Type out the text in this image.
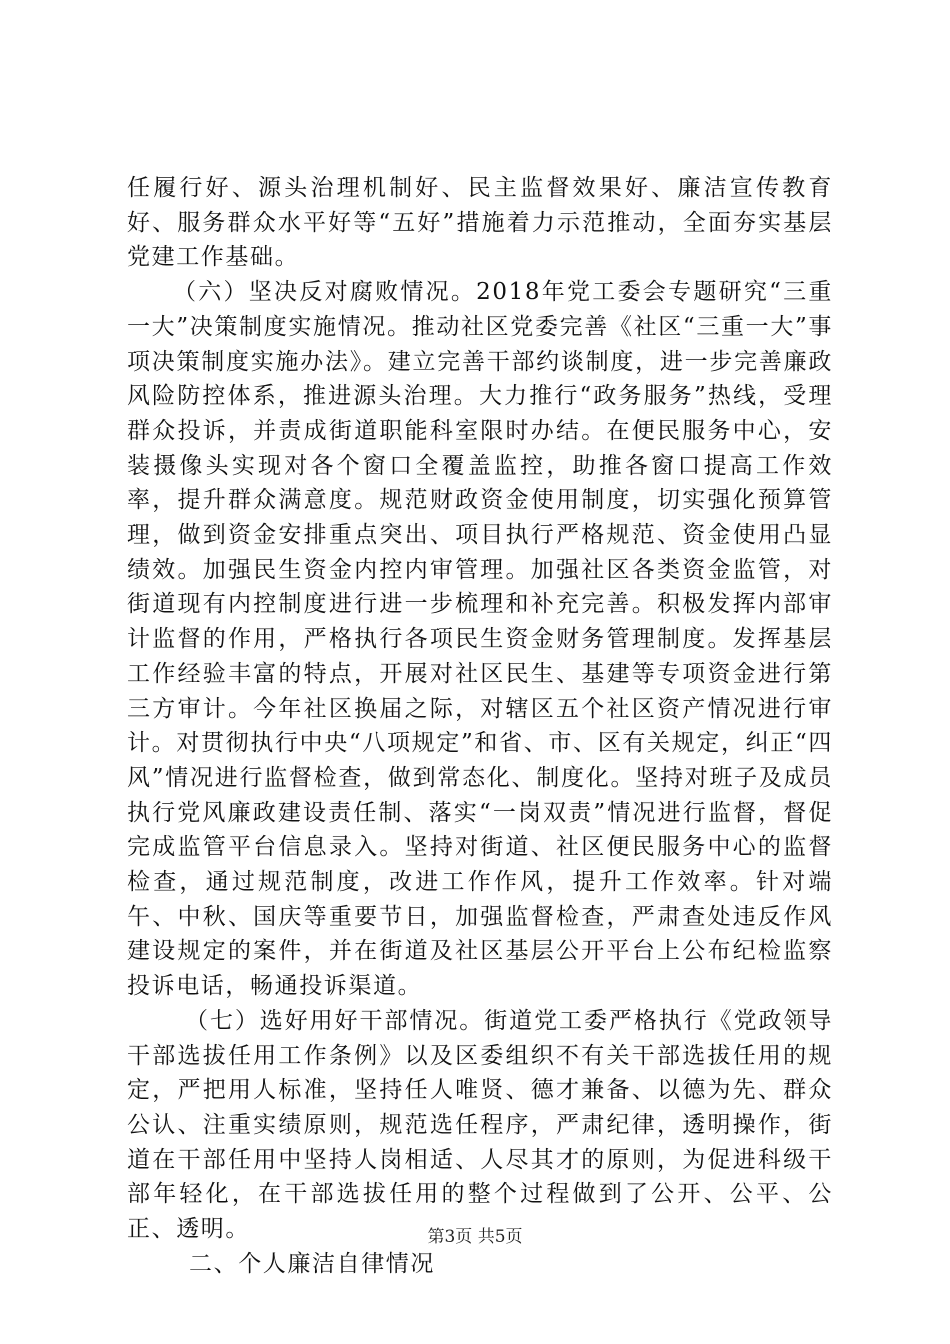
任履行好、源头治理机制好、民主监督效果好、廉洁宣传教育好、服务群众水平好等“五好”措施着力示范推动，全面夯实基层党建工作基础。

（六）坚决反对腐败情况。2018年党工委会专题研究“三重一大”决策制度实施情况。推动社区党委完善《社区“三重一大”事项决策制度实施办法》。建立完善干部约谈制度，进一步完善廉政风险防控体系，推进源头治理。大力推行“政务服务”热线，受理群众投诉，并责成街道职能科室限时办结。在便民服务中心，安装摄像头实现对各个窗口全覆盖监控，助推各窗口提高工作效率，提升群众满意度。规范财政资金使用制度，切实强化预算管理，做到资金安排重点突出、项目执行严格规范、资金使用凸显绩效。加强民生资金内控内审管理。加强社区各类资金监管，对街道现有内控制度进行进一步梳理和补充完善。积极发挥内部审计监督的作用，严格执行各项民生资金财务管理制度。发挥基层工作经验丰富的特点，开展对社区民生、基建等专项资金进行第三方审计。今年社区换届之际，对辖区五个社区资产情况进行审计。对贯彻执行中央“八项规定”和省、市、区有关规定，纠正“四风”情况进行监督检查，做到常态化、制度化。坚持对班子及成员执行党风廉政建设责任制、落实“一岗双责”情况进行监督，督促完成监管平台信息录入。坚持对街道、社区便民服务中心的监督检查，通过规范制度，改进工作作风，提升工作效率。针对端午、中秋、国庆等重要节日，加强监督检查，严肃查处违反作风建设规定的案件，并在街道及社区基层公开平台上公布纪检监察投诉电话，畅通投诉渠道。

（七）选好用好干部情况。街道党工委严格执行《党政领导干部选拔任用工作条例》以及区委组织不有关干部选拔任用的规定，严把用人标准，坚持任人唯贤、德才兼备、以德为先、群众公认、注重实绩原则，规范选任程序，严肃纪律，透明操作，街道在干部任用中坚持人岗相适、人尽其才的原则，为促进科级干部年轻化，在干部选拔任用的整个过程做到了公开、公平、公正、透明。

二、个人廉洁自律情况

第3页 共5页
